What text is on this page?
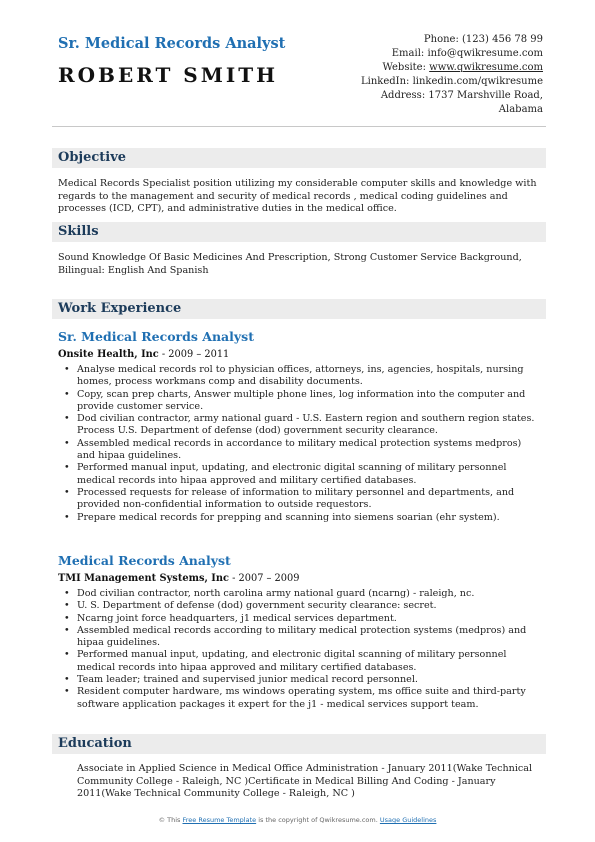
Sr. Medical Records Analyst
ROBERT SMITH
Phone: (123) 456 78 99
Email: info@qwikresume.com
Website: www.qwikresume.com
LinkedIn: linkedin.com/qwikresume
Address: 1737 Marshville Road,
Alabama
Objective
Medical Records Specialist position utilizing my considerable computer skills and knowledge with regards to the management and security of medical records , medical coding guidelines and processes (ICD, CPT), and administrative duties in the medical office.
Skills
Sound Knowledge Of Basic Medicines And Prescription, Strong Customer Service Background, Bilingual: English And Spanish
Work Experience
Sr. Medical Records Analyst
Onsite Health, Inc - 2009 – 2011
• Analyse medical records rol to physician offices, attorneys, ins, agencies, hospitals, nursing homes, process workmans comp and disability documents.
• Copy, scan prep charts, Answer multiple phone lines, log information into the computer and provide customer service.
• Dod civilian contractor, army national guard - U.S. Eastern region and southern region states. Process U.S. Department of defense (dod) government security clearance.
• Assembled medical records in accordance to military medical protection systems medpros) and hipaa guidelines.
• Performed manual input, updating, and electronic digital scanning of military personnel medical records into hipaa approved and military certified databases.
• Processed requests for release of information to military personnel and departments, and provided non-confidential information to outside requestors.
• Prepare medical records for prepping and scanning into siemens soarian (ehr system).
Medical Records Analyst
TMI Management Systems, Inc - 2007 – 2009
• Dod civilian contractor, north carolina army national guard (ncarng) - raleigh, nc.
• U. S. Department of defense (dod) government security clearance: secret.
• Ncarng joint force headquarters, j1 medical services department.
• Assembled medical records according to military medical protection systems (medpros) and hipaa guidelines.
• Performed manual input, updating, and electronic digital scanning of military personnel medical records into hipaa approved and military certified databases.
• Team leader; trained and supervised junior medical record personnel.
• Resident computer hardware, ms windows operating system, ms office suite and third-party software application packages it expert for the j1 - medical services support team.
Education
Associate in Applied Science in Medical Office Administration - January 2011(Wake Technical Community College - Raleigh, NC )Certificate in Medical Billing And Coding - January 2011(Wake Technical Community College - Raleigh, NC )
© This Free Resume Template is the copyright of Qwikresume.com. Usage Guidelines
